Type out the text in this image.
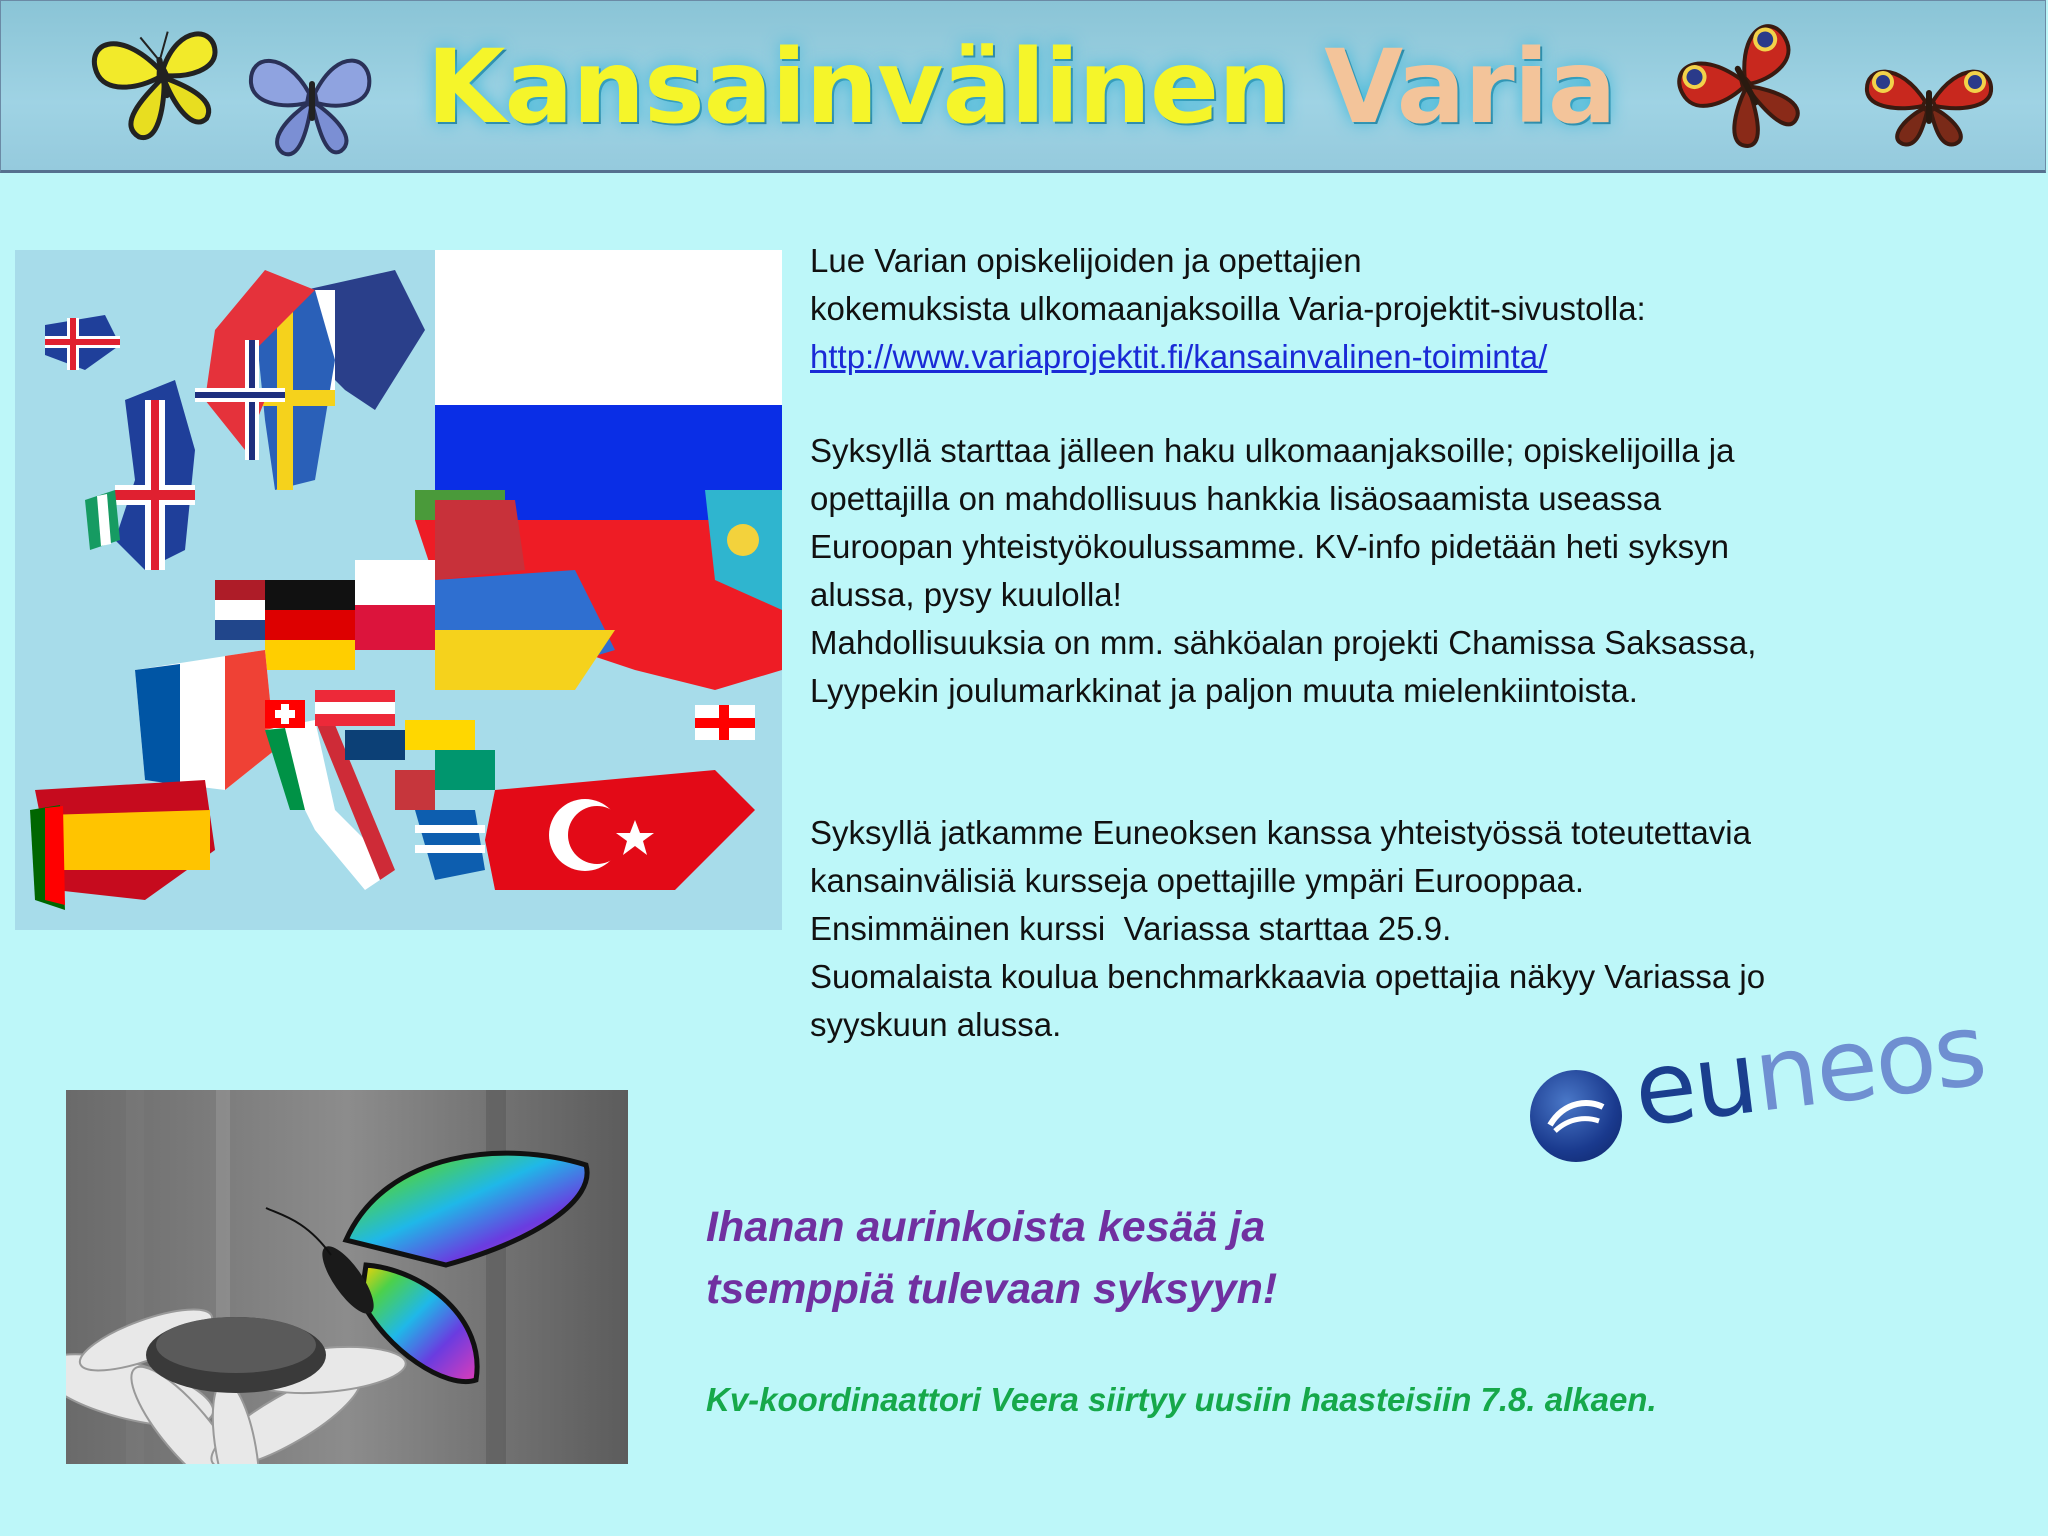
Kansainvälinen Varia

Lue Varian opiskelijoiden ja opettajien

kokemuksista ulkomaanjaksoilla Varia-projektit-sivustolla:

http://www.variaprojektit.fi/kansainvalinen-toiminta/

Syksyllä starttaa jälleen haku ulkomaanjaksoille; opiskelijoilla ja

opettajilla on mahdollisuus hankkia lisäosaamista useassa

Euroopan yhteistyökoulussamme. KV-info pidetään heti syksyn

alussa, pysy kuulolla!

Mahdollisuuksia on mm. sähköalan projekti Chamissa Saksassa,

Lyypekin joulumarkkinat ja paljon muuta mielenkiintoista.

Syksyllä jatkamme Euneoksen kanssa yhteistyössä toteutettavia

kansainvälisiä kursseja opettajille ympäri Eurooppaa.

Ensimmäinen kurssi  Variassa starttaa 25.9.

Suomalaista koulua benchmarkkaavia opettajia näkyy Variassa jo

syyskuun alussa.	euneos
Ihanan aurinkoista kesää ja
tsemppiä tulevaan syksyyn!
Kv-koordinaattori Veera siirtyy uusiin haasteisiin 7.8. alkaen.
